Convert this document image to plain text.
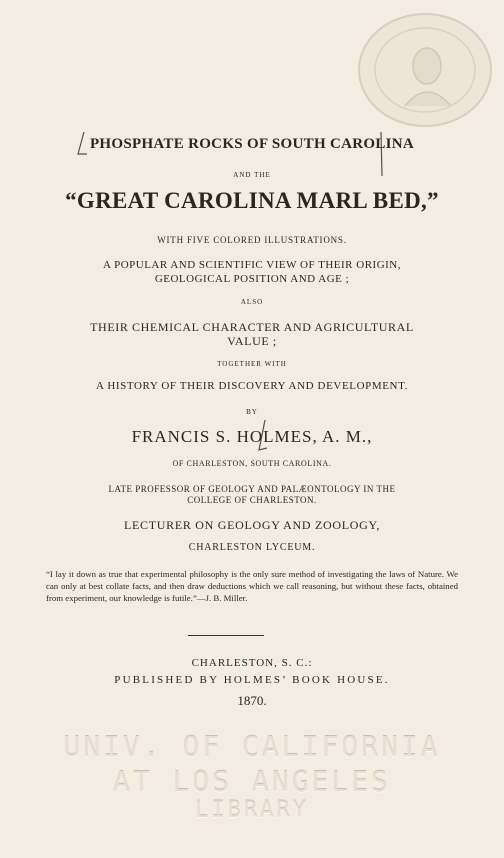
PHOSPHATE ROCKS OF SOUTH CAROLINA
AND THE
“GREAT CAROLINA MARL BED,”
WITH FIVE COLORED ILLUSTRATIONS.
A POPULAR AND SCIENTIFIC VIEW OF THEIR ORIGIN,
GEOLOGICAL POSITION AND AGE ;
ALSO
THEIR CHEMICAL CHARACTER AND AGRICULTURAL
VALUE ;
TOGETHER WITH
A HISTORY OF THEIR DISCOVERY AND DEVELOPMENT.
BY
FRANCIS S. HOLMES, A. M.,
OF CHARLESTON, SOUTH CAROLINA.
LATE PROFESSOR OF GEOLOGY AND PALÆONTOLOGY IN THE
COLLEGE OF CHARLESTON.
LECTURER ON GEOLOGY AND ZOOLOGY,
CHARLESTON LYCEUM.
“I lay it down as true that experimental philosophy is the only sure method of investigating the laws of Nature. We can only at best collate facts, and then draw deductions which we call reasoning, but without these facts, obtained from experiment, our knowledge is futile.”—J. B. Miller.
CHARLESTON, S. C.:
PUBLISHED BY HOLMES’ BOOK HOUSE.
1870.
UNIV. OF CALIFORNIA
AT LOS ANGELES
LIBRARY
